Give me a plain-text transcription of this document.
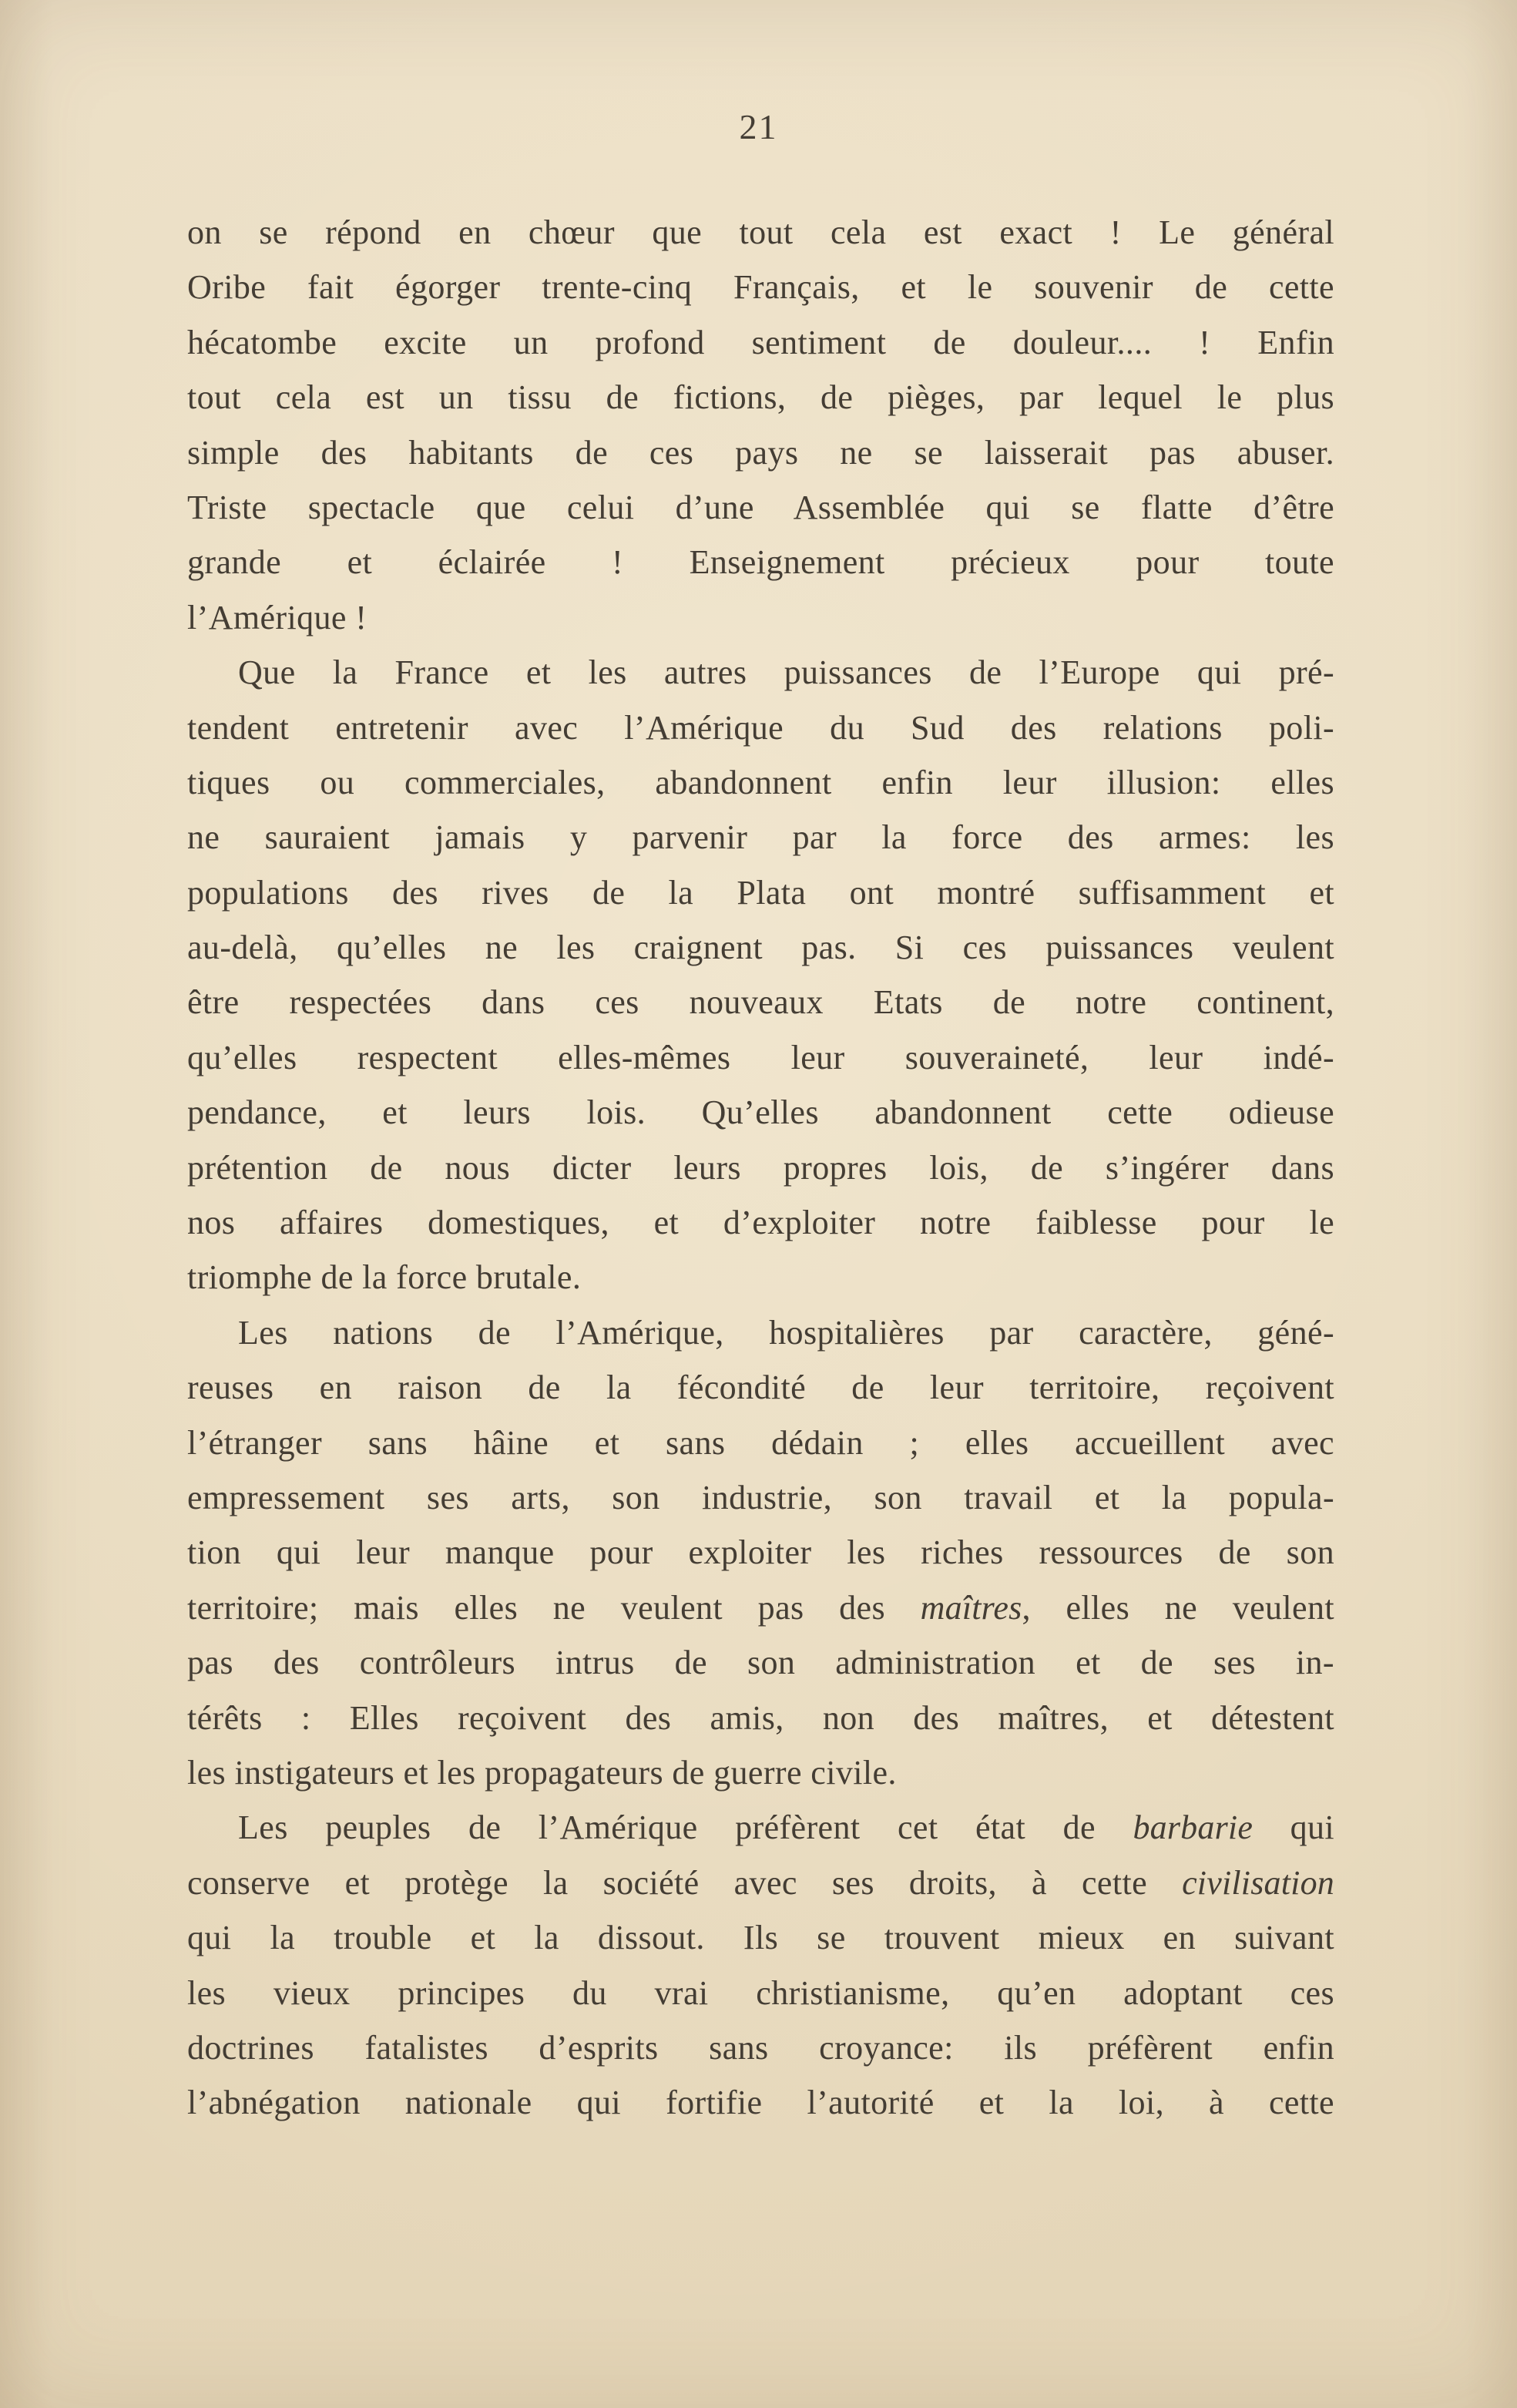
21
on se répond en chœur que tout cela est exact ! Le général
Oribe fait égorger trente-cinq Français, et le souvenir de cette
hécatombe excite un profond sentiment de douleur.... ! Enfin
tout cela est un tissu de fictions, de pièges, par lequel le plus
simple des habitants de ces pays ne se laisserait pas abuser.
Triste spectacle que celui d’une Assemblée qui se flatte d’être
grande et éclairée ! Enseignement précieux pour toute
l’Amérique !
Que la France et les autres puissances de l’Europe qui pré-
tendent entretenir avec l’Amérique du Sud des relations poli-
tiques ou commerciales, abandonnent enfin leur illusion: elles
ne sauraient jamais y parvenir par la force des armes: les
populations des rives de la Plata ont montré suffisamment et
au-delà, qu’elles ne les craignent pas. Si ces puissances veulent
être respectées dans ces nouveaux Etats de notre continent,
qu’elles respectent elles-mêmes leur souveraineté, leur indé-
pendance, et leurs lois. Qu’elles abandonnent cette odieuse
prétention de nous dicter leurs propres lois, de s’ingérer dans
nos affaires domestiques, et d’exploiter notre faiblesse pour le
triomphe de la force brutale.
Les nations de l’Amérique, hospitalières par caractère, géné-
reuses en raison de la fécondité de leur territoire, reçoivent
l’étranger sans hâine et sans dédain ; elles accueillent avec
empressement ses arts, son industrie, son travail et la popula-
tion qui leur manque pour exploiter les riches ressources de son
territoire; mais elles ne veulent pas des maîtres, elles ne veulent
pas des contrôleurs intrus de son administration et de ses in-
térêts : Elles reçoivent des amis, non des maîtres, et détestent
les instigateurs et les propagateurs de guerre civile.
Les peuples de l’Amérique préfèrent cet état de barbarie qui
conserve et protège la société avec ses droits, à cette civilisation
qui la trouble et la dissout. Ils se trouvent mieux en suivant
les vieux principes du vrai christianisme, qu’en adoptant ces
doctrines fatalistes d’esprits sans croyance: ils préfèrent enfin
l’abnégation nationale qui fortifie l’autorité et la loi, à cette
